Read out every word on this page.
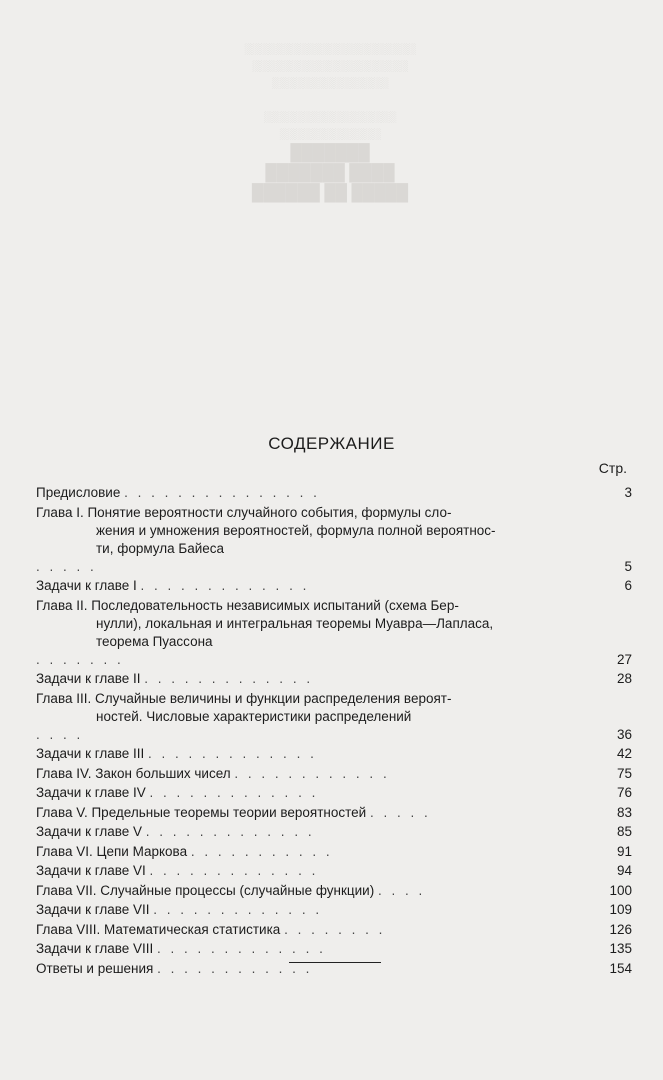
██████ ██ █████
███████ ████
███████
░░░░░░░░░░░░░
░░░░░░░░░░░░░░░░░

░░░░░░░░░░░░░░░
░░░░░░░░░░░░░░░░░░░░
░░░░░░░░░░░░░░░░░░░░░░
СОДЕРЖАНИЕ
Стр.
Предисловие . . . . . . . . . . . . . . .	3
Глава I. Понятие вероятности случайного события, формулы сло-

жения и умножения вероятностей, формула полной вероятнос-
ти, формула Байеса
. . . . .	5
Задачи к главе I . . . . . . . . . . . . .	6
Глава II. Последовательность независимых испытаний (схема Бер-

нулли), локальная и интегральная теоремы Муавра—Лапласа,
теорема Пуассона
. . . . . . .	27
Задачи к главе II . . . . . . . . . . . . .	28
Глава III. Случайные величины и функции распределения вероят-

ностей. Числовые характеристики распределений
. . . .	36
Задачи к главе III . . . . . . . . . . . . .	42
Глава IV. Закон больших чисел . . . . . . . . . . . .	75
Задачи к главе IV . . . . . . . . . . . . .	76
Глава V. Предельные теоремы теории вероятностей . . . . .	83
Задачи к главе V . . . . . . . . . . . . .	85
Глава VI. Цепи Маркова . . . . . . . . . . .	91
Задачи к главе VI . . . . . . . . . . . . .	94
Глава VII. Случайные процессы (случайные функции) . . . .	100
Задачи к главе VII . . . . . . . . . . . . .	109
Глава VIII. Математическая статистика . . . . . . . .	126
Задачи к главе VIII . . . . . . . . . . . . .	135
Ответы и решения . . . . . . . . . . . .	154
